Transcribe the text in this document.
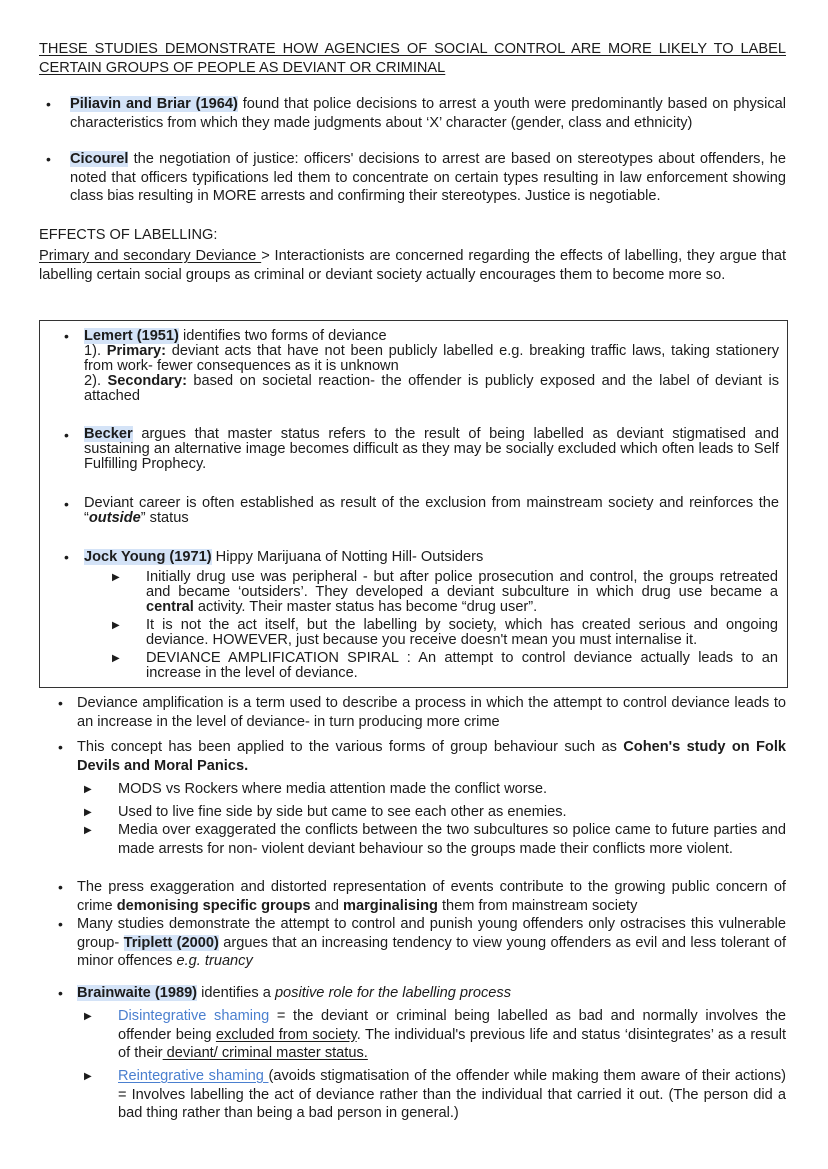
THESE STUDIES DEMONSTRATE HOW AGENCIES OF SOCIAL CONTROL ARE MORE LIKELY TO LABEL CERTAIN GROUPS OF PEOPLE AS DEVIANT OR CRIMINAL
• Piliavin and Briar (1964) found that police decisions to arrest a youth were predominantly based on physical characteristics from which they made judgments about ‘X’ character (gender, class and ethnicity)
• Cicourel the negotiation of justice: officers' decisions to arrest are based on stereotypes about offenders, he noted that officers typifications led them to concentrate on certain types resulting in law enforcement showing class bias resulting in MORE arrests and confirming their stereotypes. Justice is negotiable.
EFFECTS OF LABELLING:
Primary and secondary Deviance > Interactionists are concerned regarding the effects of labelling, they argue that labelling certain social groups as criminal or deviant society actually encourages them to become more so.
• Lemert (1951) identifies two forms of deviance
1). Primary: deviant acts that have not been publicly labelled e.g. breaking traffic laws, taking stationery from work- fewer consequences as it is unknown
2). Secondary: based on societal reaction- the offender is publicly exposed and the label of deviant is attached
• Becker argues that master status refers to the result of being labelled as deviant stigmatised and sustaining an alternative image becomes difficult as they may be socially excluded which often leads to Self Fulfilling Prophecy.
• Deviant career is often established as result of the exclusion from mainstream society and reinforces the “outside” status
• Jock Young (1971) Hippy Marijuana of Notting Hill- Outsiders
▶ Initially drug use was peripheral - but after police prosecution and control, the groups retreated and became ‘outsiders’. They developed a deviant subculture in which drug use became a central activity. Their master status has become “drug user”.
▶ It is not the act itself, but the labelling by society, which has created serious and ongoing deviance. HOWEVER, just because you receive doesn't mean you must internalise it.
▶ DEVIANCE AMPLIFICATION SPIRAL : An attempt to control deviance actually leads to an increase in the level of deviance.
• Deviance amplification is a term used to describe a process in which the attempt to control deviance leads to an increase in the level of deviance- in turn producing more crime
• This concept has been applied to the various forms of group behaviour such as Cohen's study on Folk Devils and Moral Panics.
▶ MODS vs Rockers where media attention made the conflict worse.
▶ Used to live fine side by side but came to see each other as enemies.
▶ Media over exaggerated the conflicts between the two subcultures so police came to future parties and made arrests for non- violent deviant behaviour so the groups made their conflicts more violent.
• The press exaggeration and distorted representation of events contribute to the growing public concern of crime demonising specific groups and marginalising them from mainstream society
• Many studies demonstrate the attempt to control and punish young offenders only ostracises this vulnerable group- Triplett (2000) argues that an increasing tendency to view young offenders as evil and less tolerant of minor offences e.g. truancy
• Brainwaite (1989) identifies a positive role for the labelling process
▶ Disintegrative shaming = the deviant or criminal being labelled as bad and normally involves the offender being excluded from society. The individual's previous life and status ‘disintegrates’ as a result of their deviant/ criminal master status.
▶ Reintegrative shaming (avoids stigmatisation of the offender while making them aware of their actions) = Involves labelling the act of deviance rather than the individual that carried it out. (The person did a bad thing rather than being a bad person in general.)
